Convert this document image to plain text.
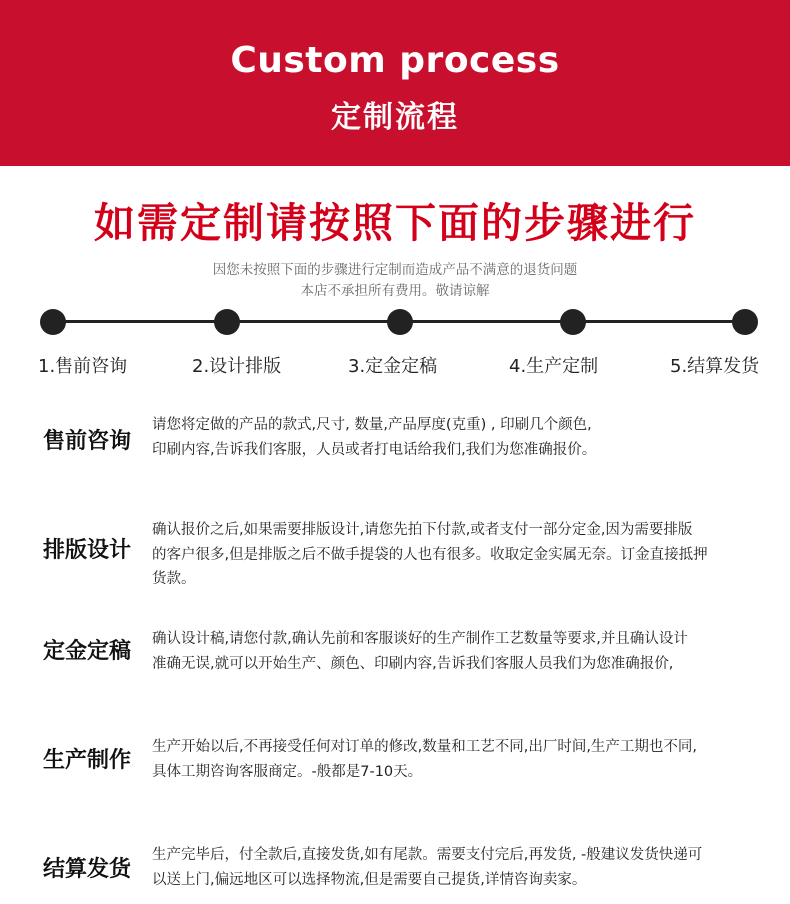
Custom process
定制流程
如需定制请按照下面的步骤进行
因您未按照下面的步骤进行定制而造成产品不满意的退货问题
本店不承担所有费用。敬请谅解
1.售前咨询	2.设计排版	3.定金定稿	4.生产定制	5.结算发货
售前咨询
请您将定做的产品的款式,尺寸, 数量,产品厚度(克重) , 印刷几个颜色,
印刷内容,告诉我们客服，人员或者打电话给我们,我们为您准确报价。
排版设计
确认报价之后,如果需要排版设计,请您先拍下付款,或者支付一部分定金,因为需要排版
的客户很多,但是排版之后不做手提袋的人也有很多。收取定金实属无奈。订金直接抵押
货款。
定金定稿 确认设计稿,请您付款,确认先前和客服谈好的生产制作工艺数量等要求,并且确认设计
准确无误,就可以开始生产、颜色、印刷内容,告诉我们客服人员我们为您准确报价,
生产制作
生产开始以后,不再接受任何对订单的修改,数量和工艺不同,出厂时间,生产工期也不同,
具体工期咨询客服商定。-般都是7-10天。
结算发货
生产完毕后，付全款后,直接发货,如有尾款。需要支付完后,再发货, -般建议发货快递可
以送上门,偏远地区可以选择物流,但是需要自己提货,详情咨询卖家。
